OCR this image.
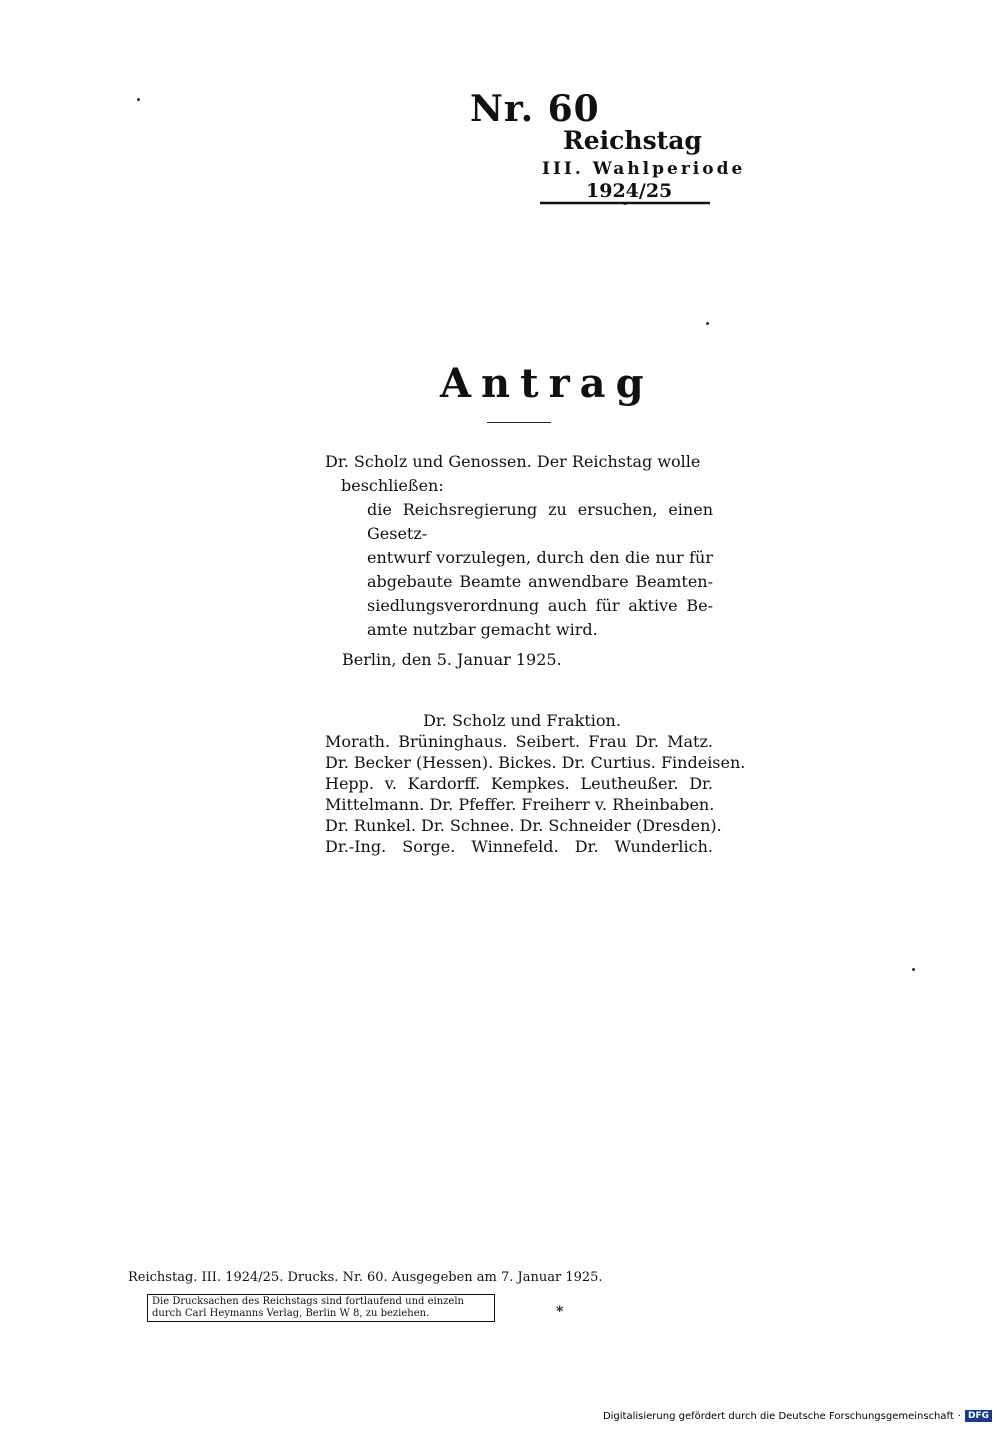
Nr. 60
Reichstag
III. Wahlperiode
1924/25
Antrag
Dr. Scholz und Genossen. Der Reichstag wolle
beschließen:
die Reichsregierung zu ersuchen, einen Gesetz-
entwurf vorzulegen, durch den die nur für
abgebaute Beamte anwendbare Beamten-
siedlungsverordnung auch für aktive Be-
amte nutzbar gemacht wird.
Berlin, den 5. Januar 1925.
Dr. Scholz und Fraktion.
Morath. Brüninghaus. Seibert. Frau Dr. Matz.
Dr. Becker (Hessen). Bickes. Dr. Curtius. Findeisen.
Hepp. v. Kardorff. Kempkes. Leutheußer. Dr.
Mittelmann. Dr. Pfeffer. Freiherr v. Rheinbaben.
Dr. Runkel. Dr. Schnee. Dr. Schneider (Dresden).
Dr.-Ing. Sorge. Winnefeld. Dr. Wunderlich.
Reichstag. III. 1924/25. Drucks. Nr. 60. Ausgegeben am 7. Januar 1925.
Die Drucksachen des Reichstags sind fortlaufend und einzeln
durch Carl Heymanns Verlag, Berlin W 8, zu beziehen.	*
Digitalisierung gefördert durch die Deutsche Forschungsgemeinschaft · DFG
